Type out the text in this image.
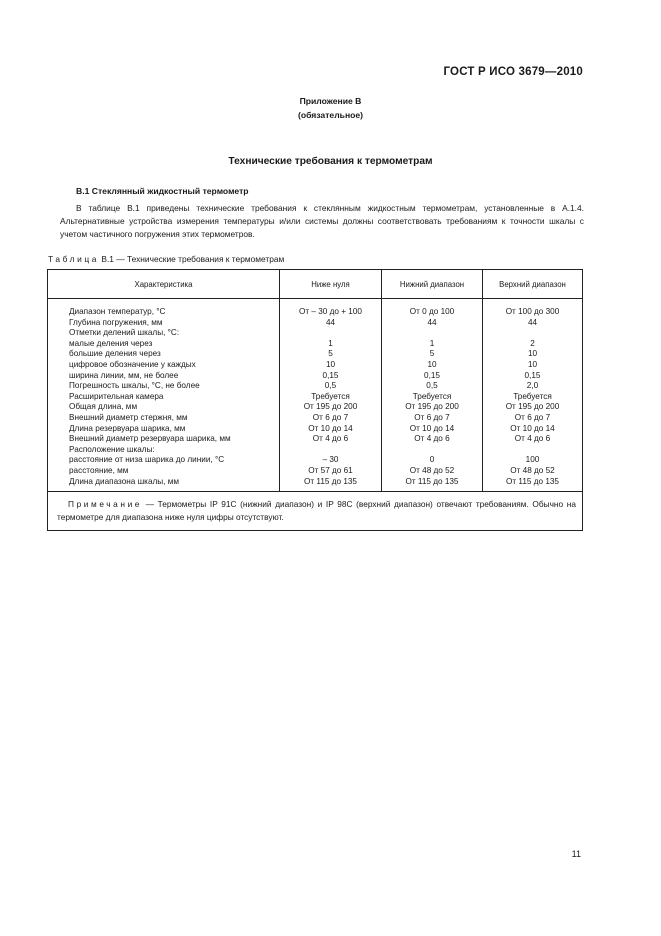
ГОСТ Р ИСО 3679—2010
Приложение В
(обязательное)
Технические требования к термометрам
В.1 Стеклянный жидкостный термометр
В таблице В.1 приведены технические требования к стеклянным жидкостным термометрам, установленные в А.1.4. Альтернативные устройства измерения температуры и/или системы должны соответствовать требованиям к точности шкалы с учетом частичного погружения этих термометров.
Таблица В.1 — Технические требования к термометрам
Характеристика	Ниже нуля	Нижний диапазон	Верхний диапазон
Диапазон температур, °С	От – 30 до + 100	От 0 до 100	От 100 до 300
Глубина погружения, мм	44	44	44
Отметки делений шкалы, °С:			
малые деления через	1	1	2
большие деления через	5	5	10
цифровое обозначение у каждых	10	10	10
ширина линии, мм, не более	0,15	0,15	0,15
Погрешность шкалы, °С, не более	0,5	0,5	2,0
Расширительная камера	Требуется	Требуется	Требуется
Общая длина, мм	От 195 до 200	От 195 до 200	От 195 до 200
Внешний диаметр стержня, мм	От 6 до 7	От 6 до 7	От 6 до 7
Длина резервуара шарика, мм	От 10 до 14	От 10 до 14	От 10 до 14
Внешний диаметр резервуара шарика, мм	От 4 до 6	От 4 до 6	От 4 до 6
Расположение шкалы:			
расстояние от низа шарика до линии, °С	– 30	0	100
расстояние, мм	От 57 до 61	От 48 до 52	От 48 до 52
Длина диапазона шкалы, мм	От 115 до 135	От 115 до 135	От 115 до 135
Примечание — Термометры IP 91C (нижний диапазон) и IP 98C (верхний диапазон) отвечают требованиям. Обычно на термометре для диапазона ниже нуля цифры отсутствуют.			
11
